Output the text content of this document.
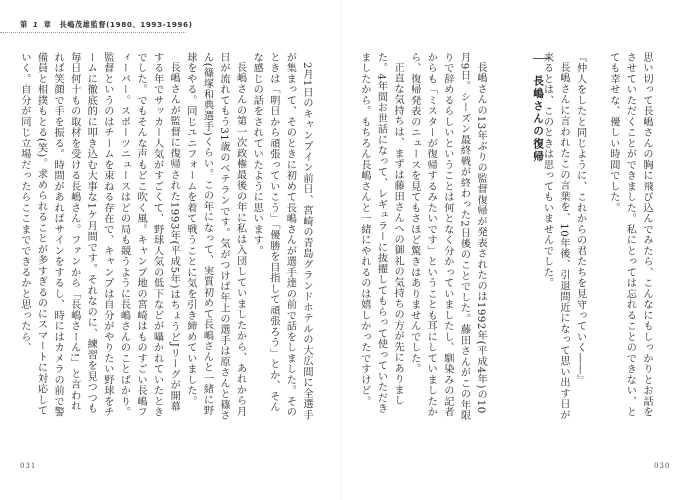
第 1 章 長嶋茂雄監督(1980、1993-1996)

2月1日のキャンプイン前日、宮崎の青島グランドホテルの大広間に全選手が集まって、そのときに初めて長嶋さんが選手達の前で話をしました。そのときは「明日から頑張っていこう」「優勝を目指して頑張ろう」とか、そんな感じの話をされていたように思います。

長嶋さんの第一次政権最後の年に私は入団していましたから、あれから月日が流れてもう31歳のベテランです。気がつけば年上の選手は原さんと篠さん(篠塚和典選手)くらい。この年になって、実質初めて長嶋さんと一緒に野球をやる。同じユニフォームを着て戦うことに気を引き締めていました。

長嶋さんが監督に復帰された1993年(平成5年)はちょうどJリーグが開幕する年でサッカー人気がすごくて、野球人気の低下などが囁かれていたときでした。でもそんな声もどこ吹く風。キャンプ地の宮崎はものすごい長嶋フィーバー。スポーツニュースはどの局も競うように長嶋さんのことばかり。監督というのはチームを束ねる存在で、キャンプは自分がやりたい野球をチームに徹底的に叩き込む大事な1ケ月間です。それなのに、練習を見つつも毎日何十もの取材を受ける長嶋さん。ファンから「長嶋さーん!」と言われれば笑顔で手を振る。時間があればサインをするし、時にはカメラの前で警備員と相撲もとる(笑)。求められることが多すぎるのにスマートに対応していく。自分が同じ立場だったらここまでできるかと思ったら、

031

思い切って長嶋さんの胸に飛び込んでみたら、こんなにもしっかりとお話をさせていただくことができました。私にとっては忘れることのできない、とても幸せな、優しい時間でした。

『仲人をしたと同じように、これからの君たちを見守っていく――』

長嶋さんに言われたこの言葉を、10年後、引退間近になって思い出す日が来るとは、このときは思ってもいませんでした。

長嶋さんの13年ぶりの監督復帰が発表されたのは1992年(平成4年)の10月9日。シーズン最終戦が終わった2日後のことでした。藤田さんがこの年限りで辞めるらしいということは何となく分かっていましたし、馴染みの記者からも「ミスターが復帰するみたいです」ということも耳にしていましたから、復帰発表のニュースを見てもさほど驚きはありませんでした。

正直な気持ちは、まずは藤田さんへの御礼の気持ちの方が先にありました。4年間お世話になって、レギュラーに抜擢してもらって使っていただきましたから。もちろん長嶋さんと一緒にやれるのは嬉しかったですけど。	長嶋さんの復帰
030
